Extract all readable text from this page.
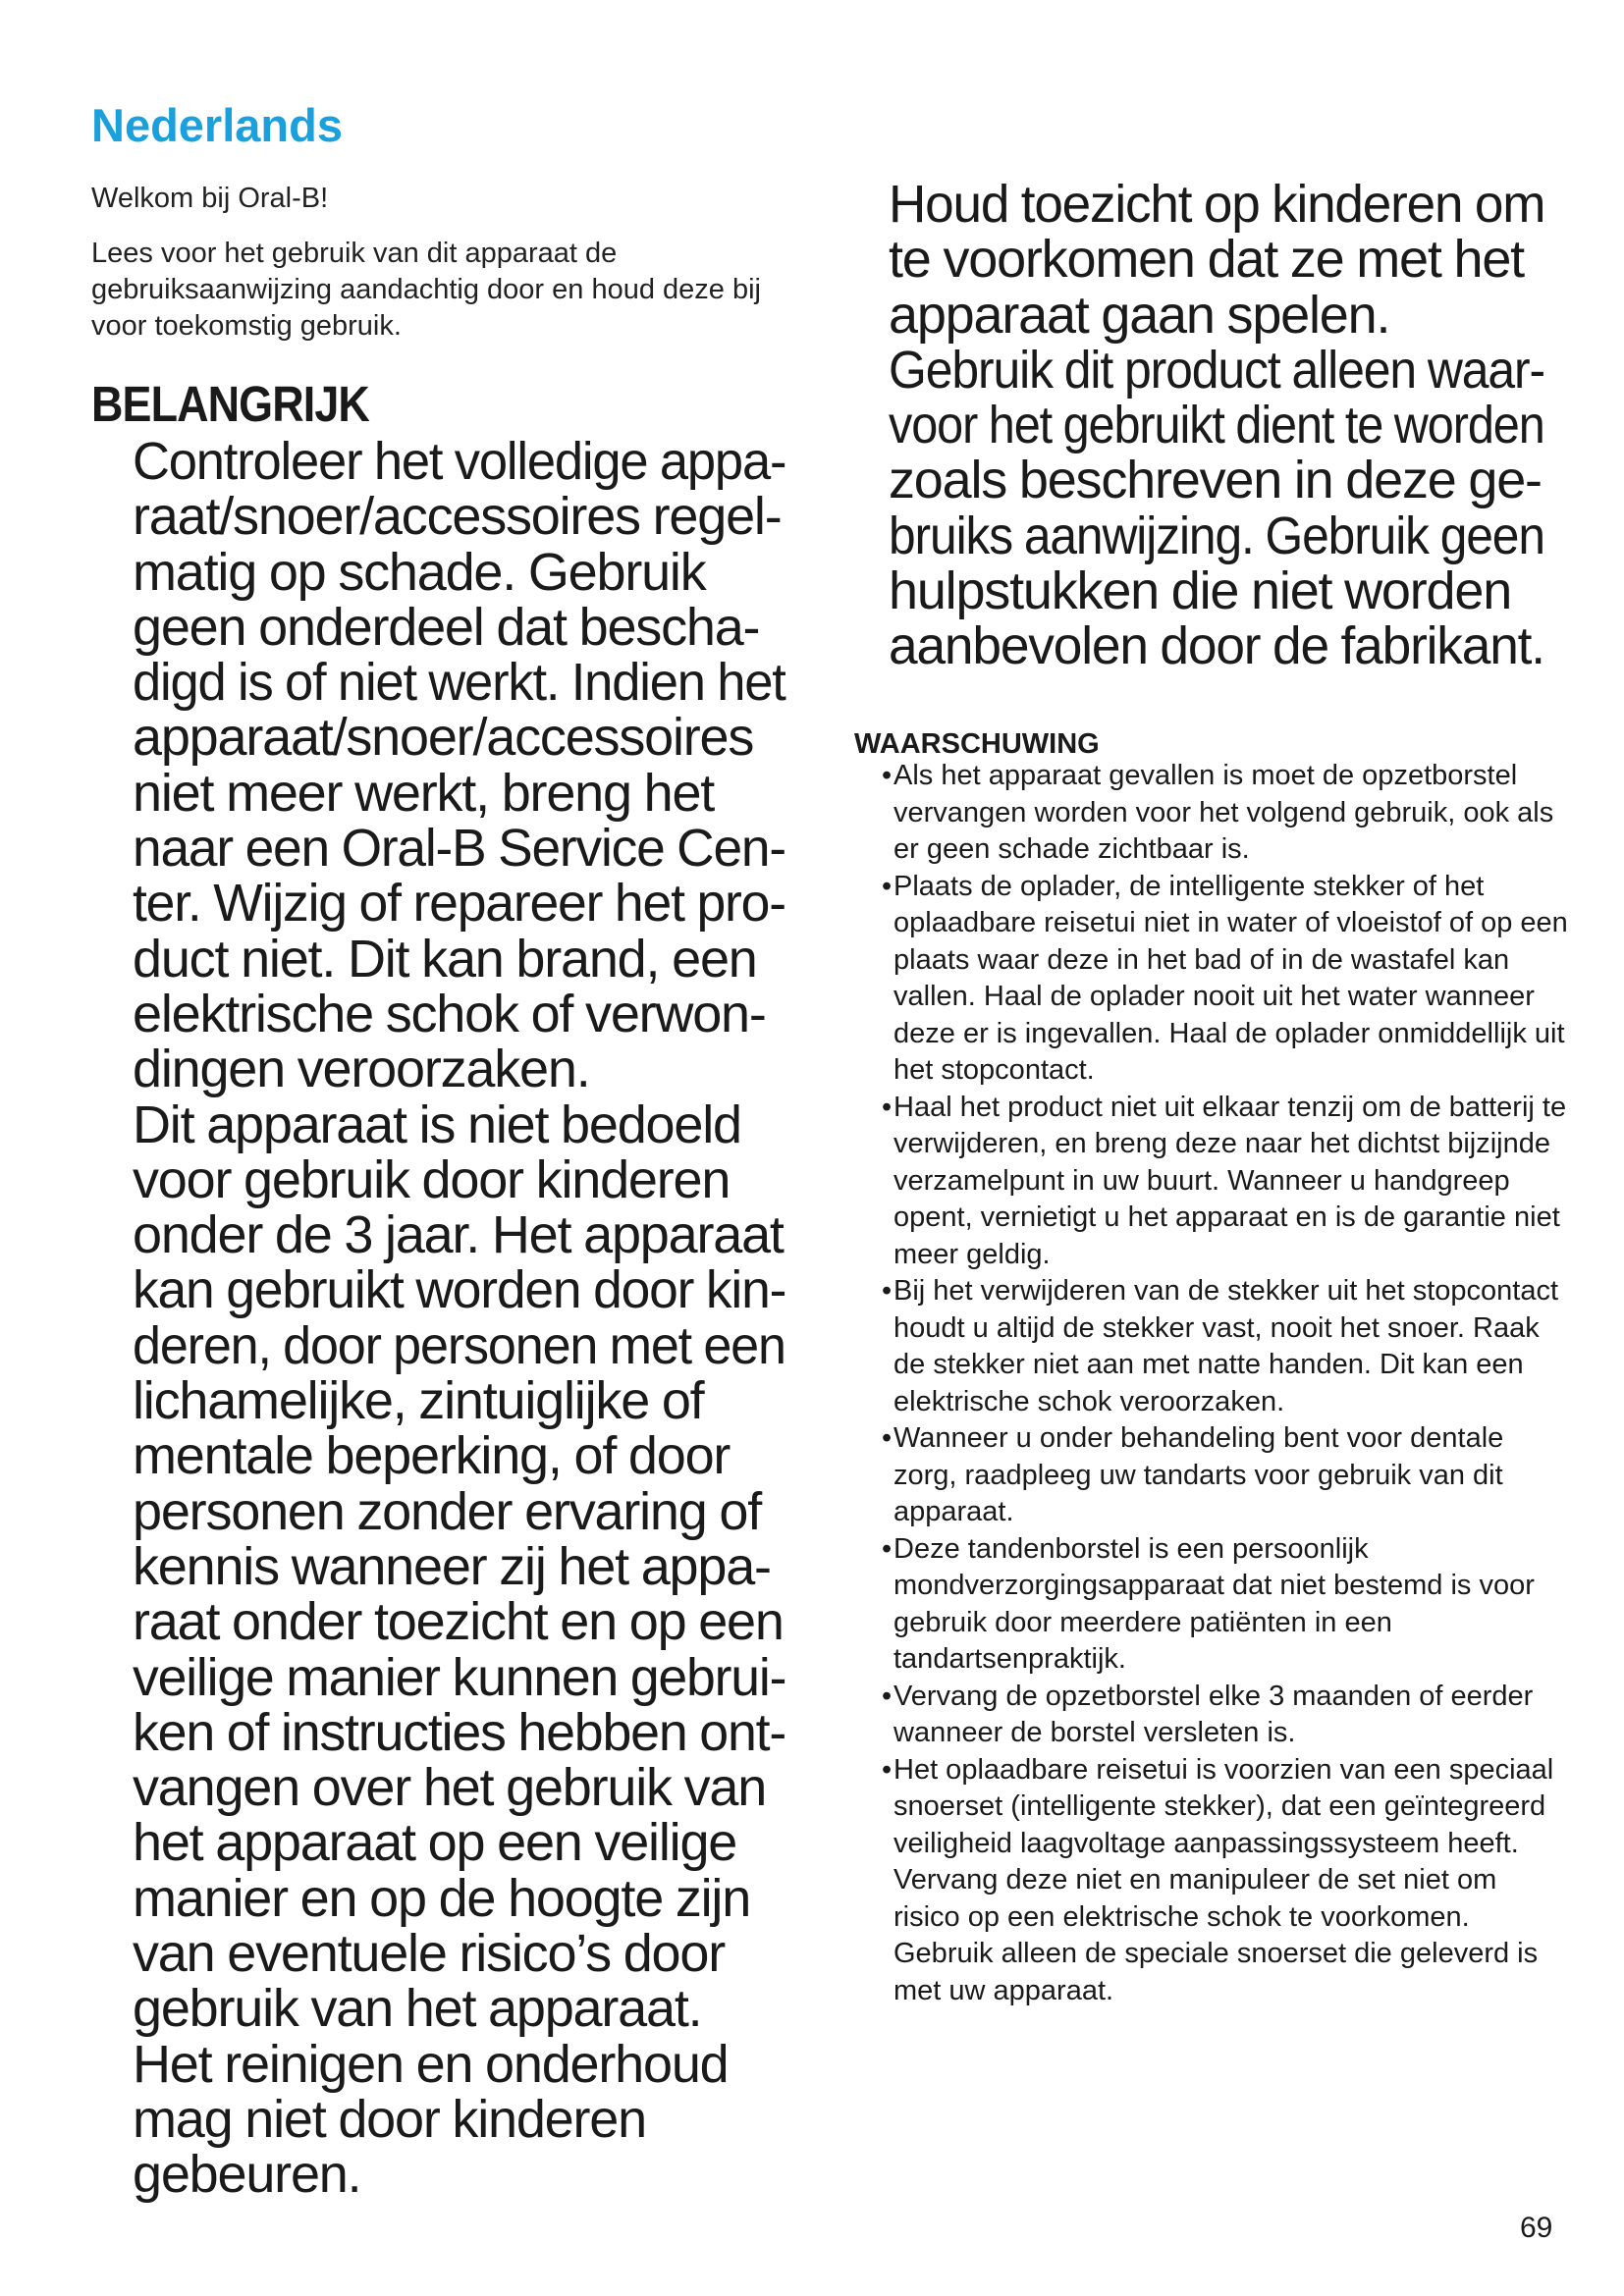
Nederlands

Welkom bij Oral-B!

Lees voor het gebruik van dit apparaat de gebruiksaanwijzing aandachtig door en houd deze bij voor toekomstig gebruik.

BELANGRIJK
Controleer het volledige appa-
raat/snoer/accessoires regel-
matig op schade. Gebruik
geen onderdeel dat bescha-
digd is of niet werkt. Indien het
apparaat/snoer/accessoires
niet meer werkt, breng het
naar een Oral-B Service Cen-
ter. Wijzig of repareer het pro-
duct niet. Dit kan brand, een
elektrische schok of verwon-
dingen veroorzaken.
Dit apparaat is niet bedoeld
voor gebruik door kinderen
onder de 3 jaar. Het apparaat
kan gebruikt worden door kin-
deren, door personen met een
lichamelijke, zintuiglijke of
mentale beperking, of door
personen zonder ervaring of
kennis wanneer zij het appa-
raat onder toezicht en op een
veilige manier kunnen gebrui-
ken of instructies hebben ont-
vangen over het gebruik van
het apparaat op een veilige
manier en op de hoogte zijn
van eventuele risico’s door
gebruik van het apparaat.
Het reinigen en onderhoud
mag niet door kinderen
gebeuren.
Houd toezicht op kinderen om
te voorkomen dat ze met het
apparaat gaan spelen.
Gebruik dit product alleen waar-
voor het gebruikt dient te worden
zoals beschreven in deze ge-
bruiks aanwijzing. Gebruik geen
hulpstukken die niet worden
aanbevolen door de fabrikant.
WAARSCHUWING
• Als het apparaat gevallen is moet de opzetborstel vervangen worden voor het volgend gebruik, ook als er geen schade zichtbaar is.
• Plaats de oplader, de intelligente stekker of het oplaadbare reisetui niet in water of vloeistof of op een plaats waar deze in het bad of in de wastafel kan vallen. Haal de oplader nooit uit het water wanneer deze er is ingevallen. Haal de oplader onmiddellijk uit het stopcontact.
• Haal het product niet uit elkaar tenzij om de batterij te verwijderen, en breng deze naar het dichtst bijzijnde verzamelpunt in uw buurt. Wanneer u handgreep opent, vernietigt u het apparaat en is de garantie niet meer geldig.
• Bij het verwijderen van de stekker uit het stopcontact houdt u altijd de stekker vast, nooit het snoer. Raak de stekker niet aan met natte handen. Dit kan een elektrische schok veroorzaken.
• Wanneer u onder behandeling bent voor dentale zorg, raadpleeg uw tandarts voor gebruik van dit apparaat.
• Deze tandenborstel is een persoonlijk mondverzorgingsapparaat dat niet bestemd is voor gebruik door meerdere patiënten in een tandartsenpraktijk.
• Vervang de opzetborstel elke 3 maanden of eerder wanneer de borstel versleten is.
• Het oplaadbare reisetui is voorzien van een speciaal snoerset (intelligente stekker), dat een geïntegreerd veiligheid laagvoltage aanpassingssysteem heeft. Vervang deze niet en manipuleer de set niet om risico op een elektrische schok te voorkomen. Gebruik alleen de speciale snoerset die geleverd is met uw apparaat.

69
